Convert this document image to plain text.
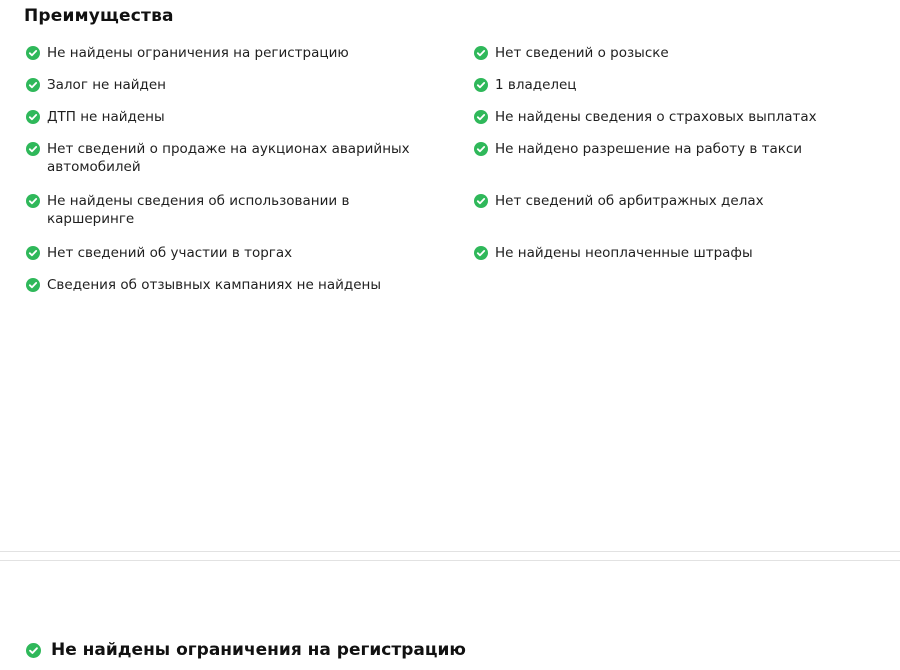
Преимущества
Не найдены ограничения на регистрацию
Залог не найден
ДТП не найдены
Нет сведений о продаже на аукционах аварийных автомобилей
Не найдены сведения об использовании в каршеринге
Нет сведений об участии в торгах
Сведения об отзывных кампаниях не найдены
Нет сведений о розыске
1 владелец
Не найдены сведения о страховых выплатах
Не найдено разрешение на работу в такси
Нет сведений об арбитражных делах
Не найдены неоплаченные штрафы
Не найдены ограничения на регистрацию
